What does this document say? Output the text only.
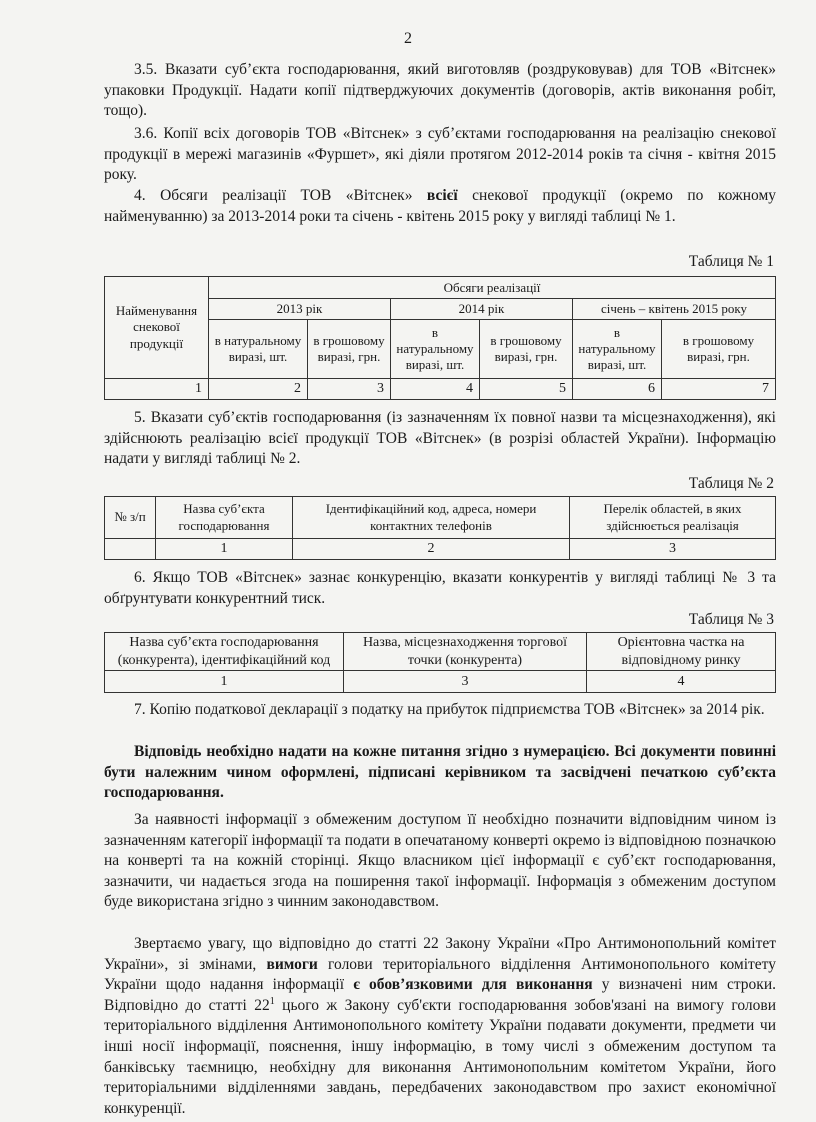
2
3.5. Вказати суб’єкта господарювання, який виготовляв (роздруковував) для ТОВ «Вітснек» упаковки Продукції. Надати копії підтверджуючих документів (договорів, актів виконання робіт, тощо).
3.6. Копії всіх договорів ТОВ «Вітснек» з суб’єктами господарювання на реалізацію снекової продукції в мережі магазинів «Фуршет», які діяли протягом 2012-2014 років та січня - квітня 2015 року.
4. Обсяги реалізації ТОВ «Вітснек» всієї снекової продукції (окремо по кожному найменуванню) за 2013-2014 роки та січень - квітень 2015 року у вигляді таблиці № 1.
Таблиця № 1
Найменування снекової продукції	Обсяги реалізації					
	2013 рік		2014 рік		січень – квітень 2015 року	
	в натуральному виразі, шт.	в грошовому виразі, грн.	в натуральному виразі, шт.	в грошовому виразі, грн.	в натуральному виразі, шт.	в грошовому виразі, грн.
1	2	3	4	5	6	7
5. Вказати суб’єктів господарювання (із зазначенням їх повної назви та місцезнаходження), які здійснюють реалізацію всієї продукції ТОВ «Вітснек» (в розрізі областей України). Інформацію надати у вигляді таблиці № 2.
Таблиця № 2
№ з/п	Назва суб’єкта господарювання	Ідентифікаційний код, адреса, номери контактних телефонів	Перелік областей, в яких здійснюється реалізація
	1	2	3
6. Якщо ТОВ «Вітснек» зазнає конкуренцію, вказати конкурентів у вигляді таблиці № 3 та обґрунтувати конкурентний тиск.
Таблиця № 3
Назва суб’єкта господарювання (конкурента), ідентифікаційний код	Назва, місцезнаходження торгової точки (конкурента)	Орієнтовна частка на відповідному ринку
1	3	4
7. Копію податкової декларації з податку на прибуток підприємства ТОВ «Вітснек» за 2014 рік.
Відповідь необхідно надати на кожне питання згідно з нумерацією. Всі документи повинні бути належним чином оформлені, підписані керівником та засвідчені печаткою суб’єкта господарювання.
За наявності інформації з обмеженим доступом її необхідно позначити відповідним чином із зазначенням категорії інформації та подати в опечатаному конверті окремо із відповідною позначкою на конверті та на кожній сторінці. Якщо власником цієї інформації є суб’єкт господарювання, зазначити, чи надається згода на поширення такої інформації. Інформація з обмеженим доступом буде використана згідно з чинним законодавством.
Звертаємо увагу, що відповідно до статті 22 Закону України «Про Антимонопольний комітет України», зі змінами, вимоги голови територіального відділення Антимонопольного комітету України щодо надання інформації є обов’язковими для виконання у визначені ним строки. Відповідно до статті $22^1$ цього ж Закону суб'єкти господарювання зобов'язані на вимогу голови територіального відділення Антимонопольного комітету України подавати документи, предмети чи інші носії інформації, пояснення, іншу інформацію, в тому числі з обмеженим доступом та банківську таємницю, необхідну для виконання Антимонопольним комітетом України, його територіальними відділеннями завдань, передбачених законодавством про захист економічної конкуренції.
